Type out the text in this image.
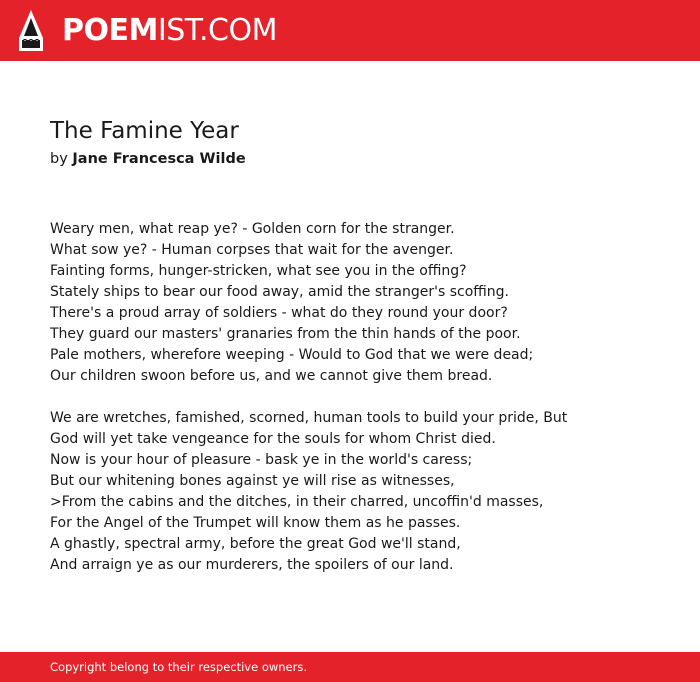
POEMIST.COM
The Famine Year
by Jane Francesca Wilde
Weary men, what reap ye? - Golden corn for the stranger.
What sow ye? - Human corpses that wait for the avenger.
Fainting forms, hunger-stricken, what see you in the offing?
Stately ships to bear our food away, amid the stranger's scoffing.
There's a proud array of soldiers - what do they round your door?
They guard our masters' granaries from the thin hands of the poor.
Pale mothers, wherefore weeping - Would to God that we were dead;
Our children swoon before us, and we cannot give them bread.
We are wretches, famished, scorned, human tools to build your pride, But
God will yet take vengeance for the souls for whom Christ died.
Now is your hour of pleasure - bask ye in the world's caress;
But our whitening bones against ye will rise as witnesses,
>From the cabins and the ditches, in their charred, uncoffin'd masses,
For the Angel of the Trumpet will know them as he passes.
A ghastly, spectral army, before the great God we'll stand,
And arraign ye as our murderers, the spoilers of our land.
Copyright belong to their respective owners.
